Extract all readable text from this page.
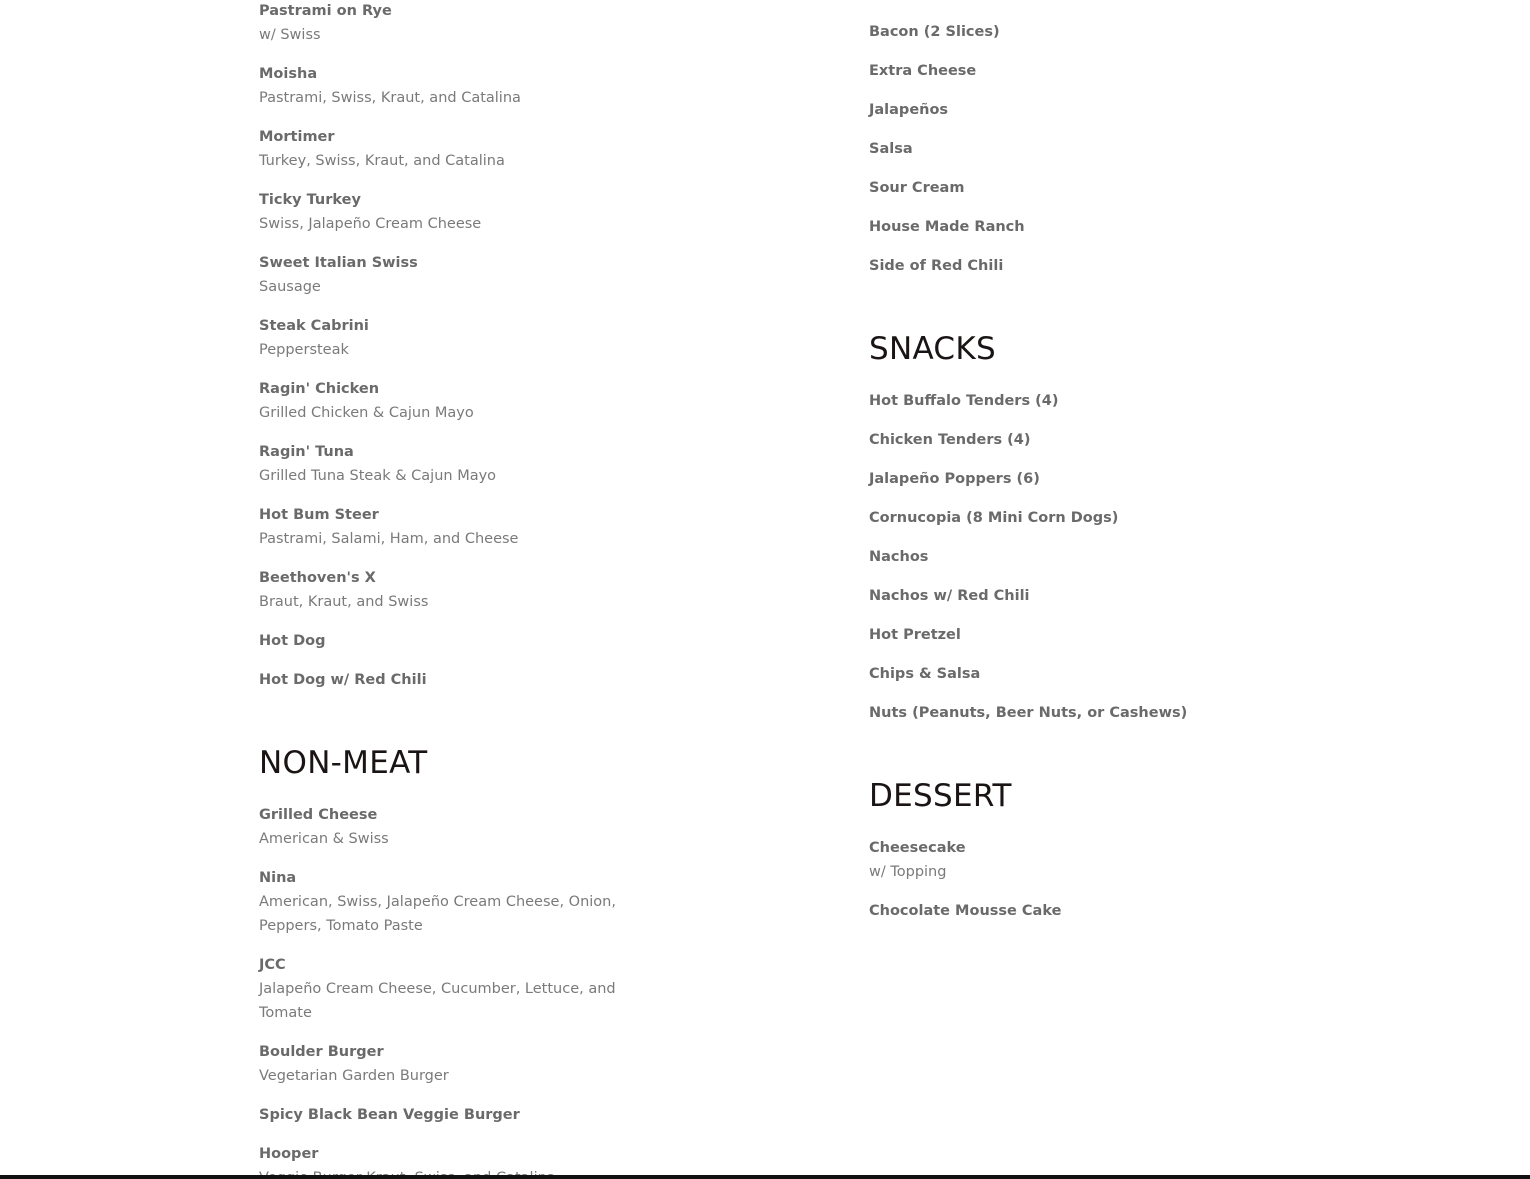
Pastrami on Rye
w/ Swiss
Moisha
Pastrami, Swiss, Kraut, and Catalina
Mortimer
Turkey, Swiss, Kraut, and Catalina
Ticky Turkey
Swiss, Jalapeño Cream Cheese
Sweet Italian Swiss
Sausage
Steak Cabrini
Peppersteak
Ragin' Chicken
Grilled Chicken & Cajun Mayo
Ragin' Tuna
Grilled Tuna Steak & Cajun Mayo
Hot Bum Steer
Pastrami, Salami, Ham, and Cheese
Beethoven's X
Braut, Kraut, and Swiss
Hot Dog
Hot Dog w/ Red Chili
NON-MEAT
Grilled Cheese
American & Swiss
Nina
American, Swiss, Jalapeño Cream Cheese, Onion, Peppers, Tomato Paste
JCC
Jalapeño Cream Cheese, Cucumber, Lettuce, and Tomate
Boulder Burger
Vegetarian Garden Burger
Spicy Black Bean Veggie Burger
Hooper
Bacon (2 Slices)
Extra Cheese
Jalapeños
Salsa
Sour Cream
House Made Ranch
Side of Red Chili
SNACKS
Hot Buffalo Tenders (4)
Chicken Tenders (4)
Jalapeño Poppers (6)
Cornucopia (8 Mini Corn Dogs)
Nachos
Nachos w/ Red Chili
Hot Pretzel
Chips & Salsa
Nuts (Peanuts, Beer Nuts, or Cashews)
DESSERT
Cheesecake
w/ Topping
Chocolate Mousse Cake
